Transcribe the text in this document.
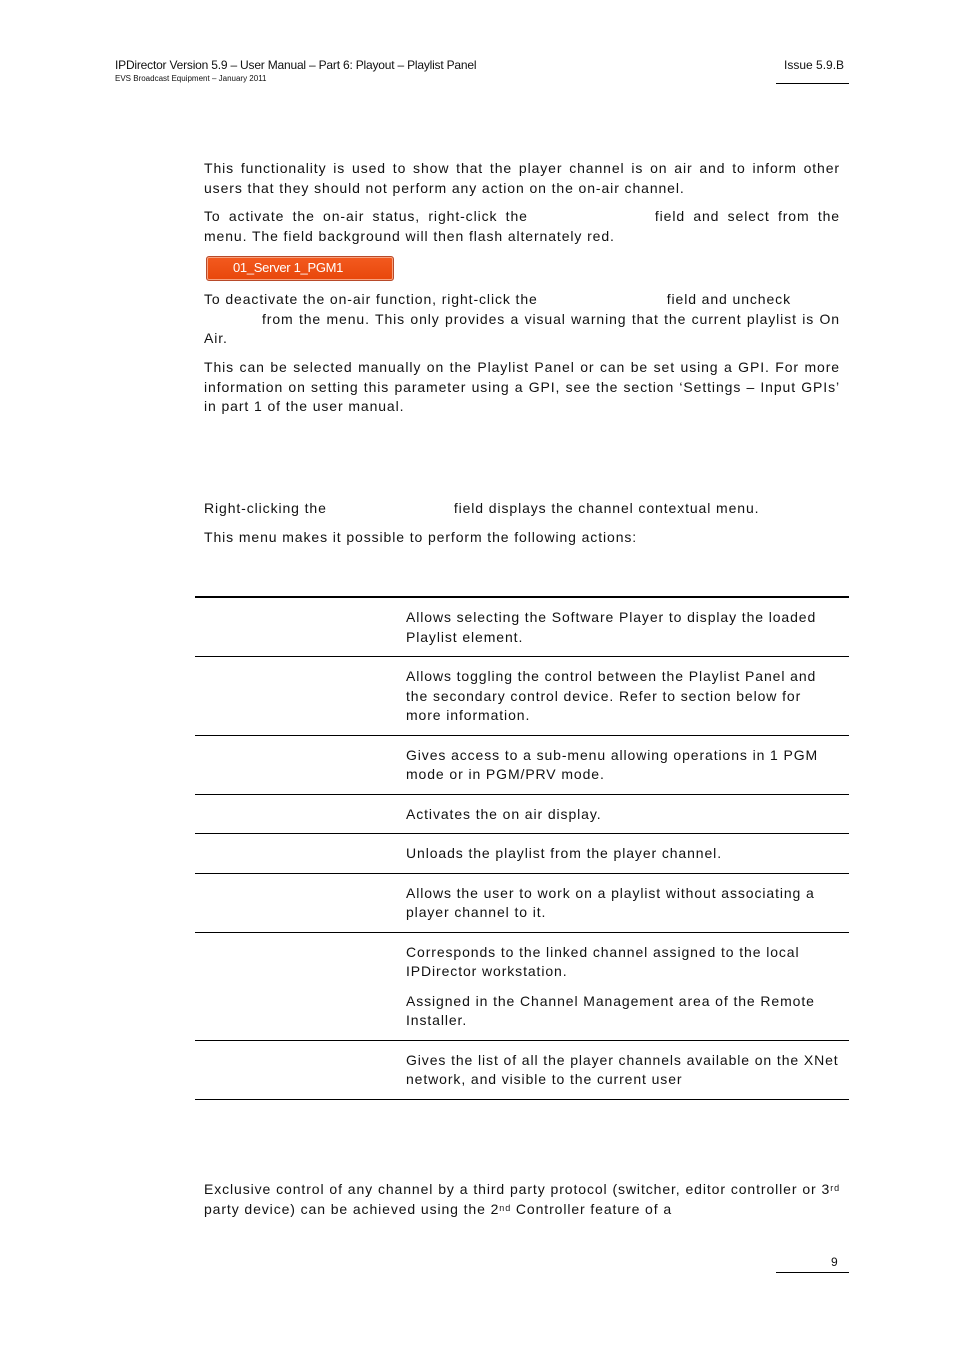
IPDirector Version 5.9 – User Manual – Part 6: Playout – Playlist Panel
EVS Broadcast Equipment – January 2011
Issue 5.9.B
This functionality is used to show that the player channel is on air and to inform other users that they should not perform any action on the on-air channel.
To activate the on-air status, right-click the	field and select from the menu. The field background will then flash alternately red.
01_Server 1_PGM1
To deactivate the on-air function, right-click the	field and uncheck
from the menu. This only provides a visual warning that the current playlist is On Air.
This can be selected manually on the Playlist Panel or can be set using a GPI. For more information on setting this parameter using a GPI, see the section ‘Settings – Input GPIs’ in part 1 of the user manual.
Right-clicking the	field displays the channel contextual menu.
This menu makes it possible to perform the following actions:

	Allows selecting the Software Player to display the loaded Playlist element.

	Allows toggling the control between the Playlist Panel and the secondary control device. Refer to section below for more information.

	Gives access to a sub-menu allowing operations in 1 PGM mode or in PGM/PRV mode.

	Activates the on air display.

	Unloads the playlist from the player channel.

	Allows the user to work on a playlist without associating a player channel to it.

	Corresponds to the linked channel assigned to the local IPDirector workstation.

Assigned in the Channel Management area of the Remote Installer.

	Gives the list of all the player channels available on the XNet network, and visible to the current user

Exclusive control of any channel by a third party protocol (switcher, editor controller or 3rd party device) can be achieved using the 2nd Controller feature of a
9
